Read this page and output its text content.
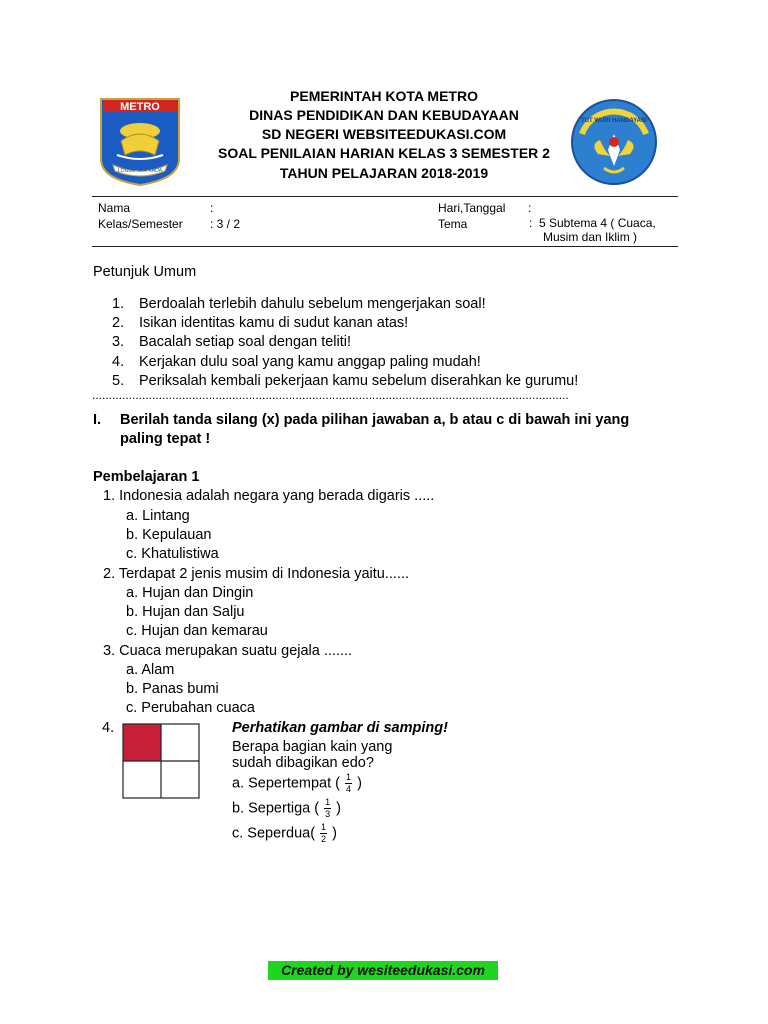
METRO
LOGUE KAR KADA
TUT WURI HANDAYANI
PEMERINTAH KOTA METRO
DINAS PENDIDIKAN DAN KEBUDAYAAN
SD NEGERI WEBSITEEDUKASI.COM
SOAL PENILAIAN HARIAN KELAS 3 SEMESTER 2
TAHUN PELAJARAN 2018-2019
Nama	:
Kelas/Semester : 3 / 2
Hari,Tanggal :
Tema	: 5 Subtema 4 ( Cuaca,
Musim dan Iklim )
Petunjuk Umum
1. Berdoalah terlebih dahulu sebelum mengerjakan soal!
2. Isikan identitas kamu di sudut kanan atas!
3. Bacalah setiap soal dengan teliti!
4. Kerjakan dulu soal yang kamu anggap paling mudah!
5. Periksalah kembali pekerjaan kamu sebelum diserahkan ke gurumu!
...............................................................................................................................................
I. Berilah tanda silang (x) pada pilihan jawaban a, b atau c di bawah ini yang
paling tepat !
Pembelajaran 1
1. Indonesia adalah negara yang berada digaris .....
a. Lintang
b. Kepulauan
c. Khatulistiwa
2. Terdapat 2 jenis musim di Indonesia yaitu......
a. Hujan dan Dingin
b. Hujan dan Salju
c. Hujan dan kemarau
3. Cuaca merupakan suatu gejala .......
a. Alam
b. Panas bumi
c. Perubahan cuaca
4.	Perhatikan gambar di samping!
Berapa bagian kain yang
sudah dibagikan edo?
a. Sepertempat ( $\frac{1}{4}$ )
b. Sepertiga ( $\frac{1}{3}$ )
c. Seperdua( $\frac{1}{2}$ )
Created by wesiteedukasi.com
